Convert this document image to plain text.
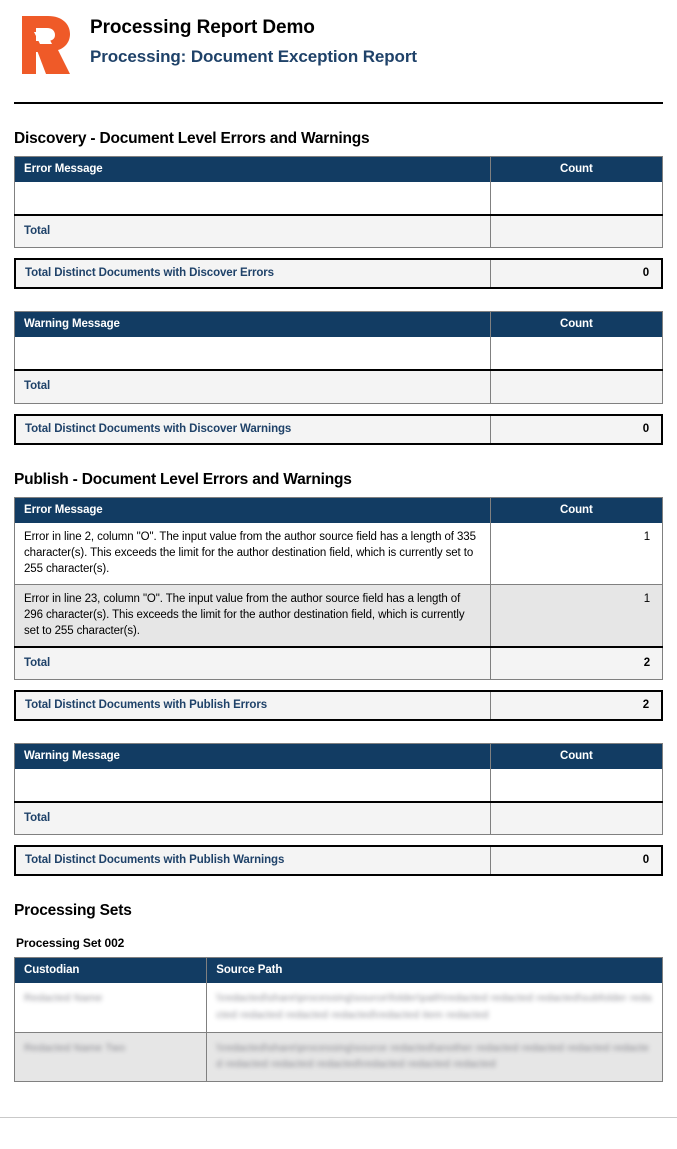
Processing Report Demo
Processing: Document Exception Report
Discovery - Document Level Errors and Warnings
Error Message	Count

Total	
Total Distinct Documents with Discover Errors	0
Warning Message	Count

Total	
Total Distinct Documents with Discover Warnings	0
Publish - Document Level Errors and Warnings
Error Message	Count
Error in line 2, column "O". The input value from the author source field has a length of 335 character(s). This exceeds the limit for the author destination field, which is currently set to 255 character(s).	1
Error in line 23, column "O". The input value from the author source field has a length of 296 character(s). This exceeds the limit for the author destination field, which is currently set to 255 character(s).	1
Total	2
Total Distinct Documents with Publish Errors	2
Warning Message	Count

Total	
Total Distinct Documents with Publish Warnings	0
Processing Sets
Processing Set 002
Custodian	Source Path

Redacted Name	\\redacted\share\processing\source\folder\path\redacted redacted redacted\subfolder redacted redacted redacted redacted\redacted item redacted

Redacted Name Two	\\redacted\share\processing\source redacted\another redacted redacted redacted redacted redacted redacted redacted\redacted redacted redacted
